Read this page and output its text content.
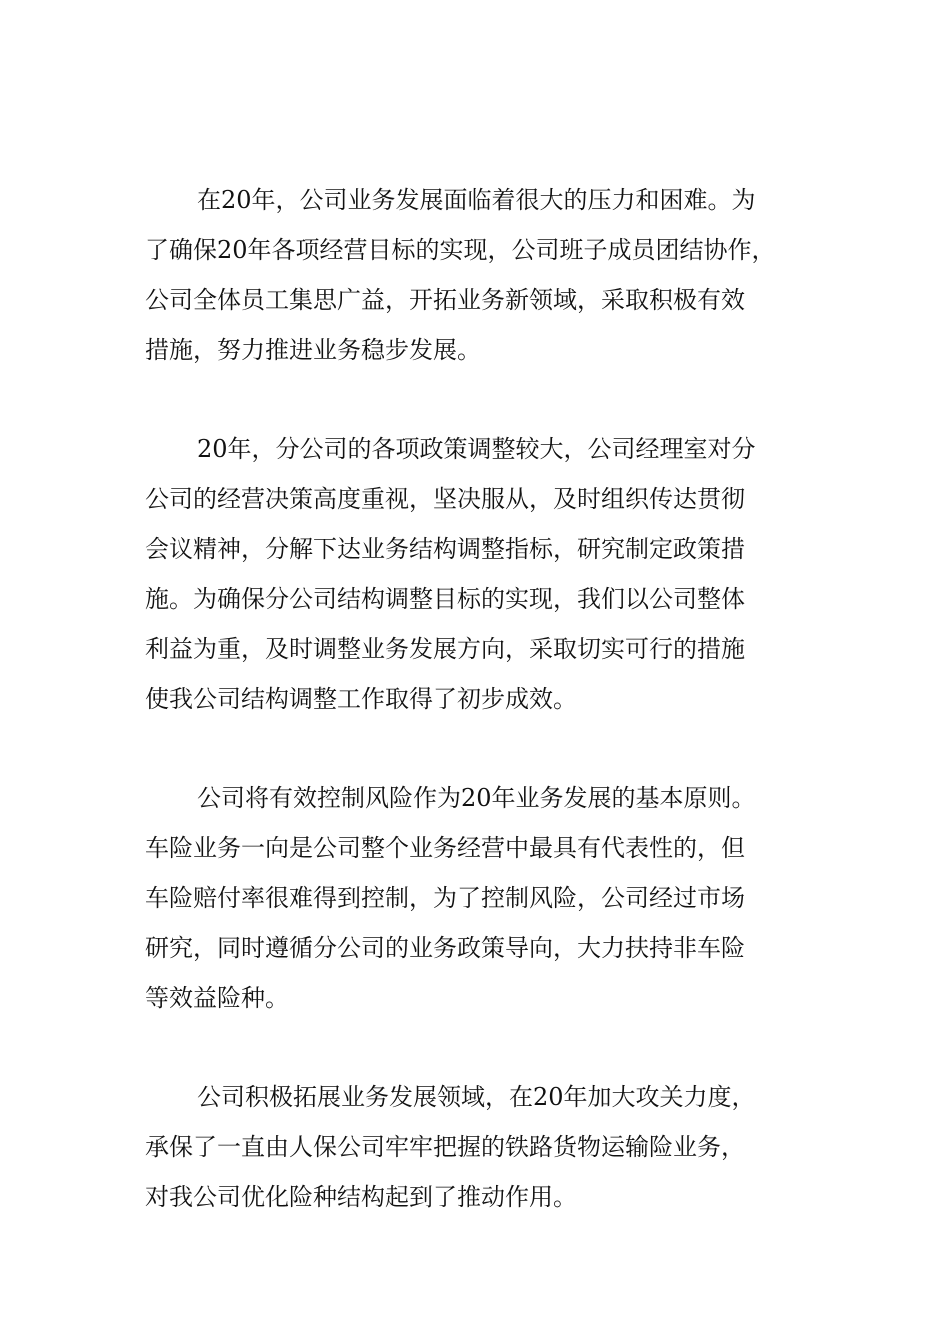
在20年，公司业务发展面临着很大的压力和困难。为
了确保20年各项经营目标的实现，公司班子成员团结协作，
公司全体员工集思广益，开拓业务新领域，采取积极有效
措施，努力推进业务稳步发展。
20年，分公司的各项政策调整较大，公司经理室对分
公司的经营决策高度重视，坚决服从，及时组织传达贯彻
会议精神，分解下达业务结构调整指标，研究制定政策措
施。为确保分公司结构调整目标的实现，我们以公司整体
利益为重，及时调整业务发展方向，采取切实可行的措施
使我公司结构调整工作取得了初步成效。
公司将有效控制风险作为20年业务发展的基本原则。
车险业务一向是公司整个业务经营中最具有代表性的，但
车险赔付率很难得到控制，为了控制风险，公司经过市场
研究，同时遵循分公司的业务政策导向，大力扶持非车险
等效益险种。
公司积极拓展业务发展领域，在20年加大攻关力度，
承保了一直由人保公司牢牢把握的铁路货物运输险业务，
对我公司优化险种结构起到了推动作用。
